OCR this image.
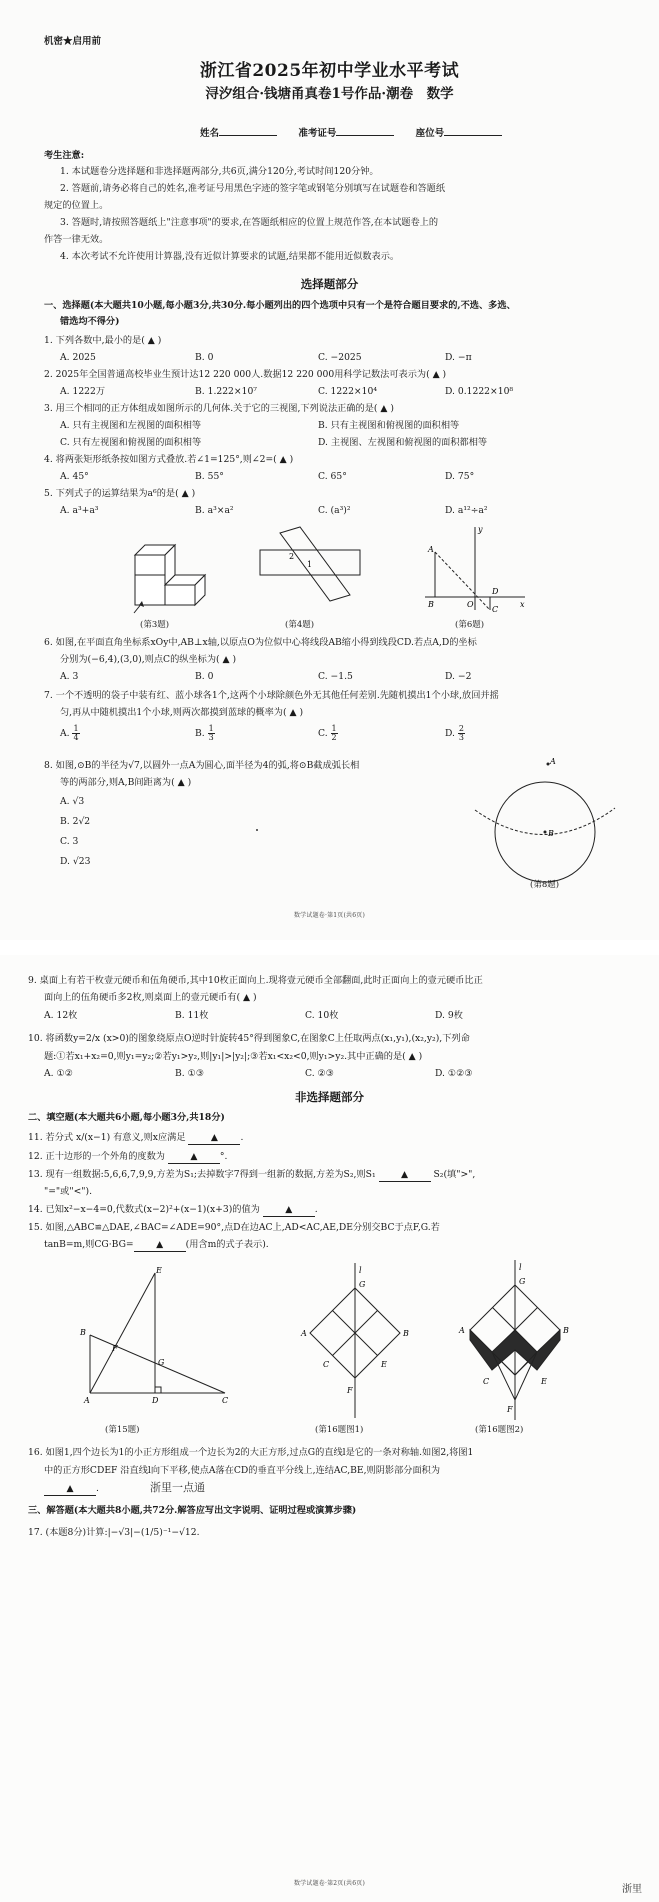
机密★启用前
浙江省2025年初中学业水平考试
浔汐组合·钱塘甬真卷1号作品·潮卷　数学
姓名	准考证号	座位号
考生注意:
1. 本试题卷分选择题和非选择题两部分,共6页,满分120分,考试时间120分钟。
2. 答题前,请务必将自己的姓名,准考证号用黑色字迹的签字笔或钢笔分别填写在试题卷和答题纸
规定的位置上。
3. 答题时,请按照答题纸上"注意事项"的要求,在答题纸相应的位置上规范作答,在本试题卷上的
作答一律无效。
4. 本次考试不允许使用计算器,没有近似计算要求的试题,结果都不能用近似数表示。
选择题部分
一、选择题(本大题共10小题,每小题3分,共30分.每小题列出的四个选项中只有一个是符合题目要求的,不选、多选、
错选均不得分)
1. 下列各数中,最小的是( ▲ )
A. 2025	B. 0	C. −2025	D. −π
2. 2025年全国普通高校毕业生预计达12 220 000人.数据12 220 000用科学记数法可表示为( ▲ )
A. 1222万	B. 1.222×10⁷	C. 1222×10⁴	D. 0.1222×10⁸
3. 用三个相同的正方体组成如图所示的几何体.关于它的三视图,下列说法正确的是( ▲ )
A. 只有主视图和左视图的面积相等	B. 只有主视图和俯视图的面积相等
C. 只有左视图和俯视图的面积相等	D. 主视图、左视图和俯视图的面积都相等
4. 将两张矩形纸条按如图方式叠放.若∠1=125°,则∠2=( ▲ )
A. 45°	B. 55°	C. 65°	D. 75°
5. 下列式子的运算结果为a⁶的是( ▲ )
A. a³+a³	B. a³×a²	C. (a³)²	D. a¹²÷a²
(第3题)
1
2
(第4题)
x
y
A
B	O
D
C
(第6题)
6. 如图,在平面直角坐标系xOy中,AB⊥x轴,以原点O为位似中心将线段AB缩小得到线段CD.若点A,D的坐标
分别为(−6,4),(3,0),则点C的纵坐标为( ▲ )
A. 3	B. 0	C. −1.5	D. −2
7. 一个不透明的袋子中装有红、蓝小球各1个,这两个小球除颜色外无其他任何差别.先随机摸出1个小球,放回并摇
匀,再从中随机摸出1个小球,则两次都摸到蓝球的概率为( ▲ )
A. $\frac{1}{4}$	B. $\frac{1}{3}$	C. $\frac{1}{2}$	D. $\frac{2}{3}$
8. 如图,⊙B的半径为√7,以圆外一点A为圆心,面半径为4的弧,将⊙B截成弧长相
等的两部分,则A,B间距离为( ▲ )
A. √3
B. 2√2
C. 3
D. √23
A
B
(第8题)
数学试题卷·第1页(共6页)
9. 桌面上有若干枚壹元硬币和伍角硬币,其中10枚正面向上.现将壹元硬币全部翻面,此时正面向上的壹元硬币比正
面向上的伍角硬币多2枚,则桌面上的壹元硬币有( ▲ )
A. 12枚	B. 11枚	C. 10枚	D. 9枚
10. 将函数y=2/x (x>0)的图象绕原点O逆时针旋转45°得到图象C,在图象C上任取两点(x₁,y₁),(x₂,y₂),下列命
题:①若x₁+x₂=0,则y₁=y₂;②若y₁>y₂,则|y₁|>|y₂|;③若x₁<x₂<0,则y₁>y₂.其中正确的是( ▲ )
A. ①②	B. ①③	C. ②③	D. ①②③
非选择题部分
二、填空题(本大题共6小题,每小题3分,共18分)
11. 若分式 x/(x−1) 有意义,则x应满足	▲ .
12. 正十边形的一个外角的度数为	▲ °.
13. 现有一组数据:5,6,6,7,9,9,方差为S₁;去掉数字7得到一组新的数据,方差为S₂,则S₁	▲	S₂(填">",
"="或"<").
14. 已知x²−x−4=0,代数式(x−2)²+(x−1)(x+3)的值为	▲ .
15. 如图,△ABC≌△DAE,∠BAC=∠ADE=90°,点D在边AC上,AD<AC,AE,DE分别交BC于点F,G.若
tanB=m,则CG·BG= ▲ (用含m的式子表示).
B
A	D	C
E
F
G
(第15题)
l
A	B
G
C	E
F
(第16题图1)
l
A	B
G
C	E
F
(第16题图2)
16. 如图1,四个边长为1的小正方形组成一个边长为2的大正方形,过点G的直线l是它的一条对称轴.如图2,将图1
中的正方形CDEF 沿直线l向下平移,使点A落在CD的垂直平分线上,连结AC,BE,则阴影部分面积为
▲ .	浙里一点通
三、解答题(本大题共8小题,共72分.解答应写出文字说明、证明过程或演算步骤)
17. (本题8分)计算:|−√3|−(1/5)⁻¹−√12.
数学试题卷·第2页(共6页)
浙里
